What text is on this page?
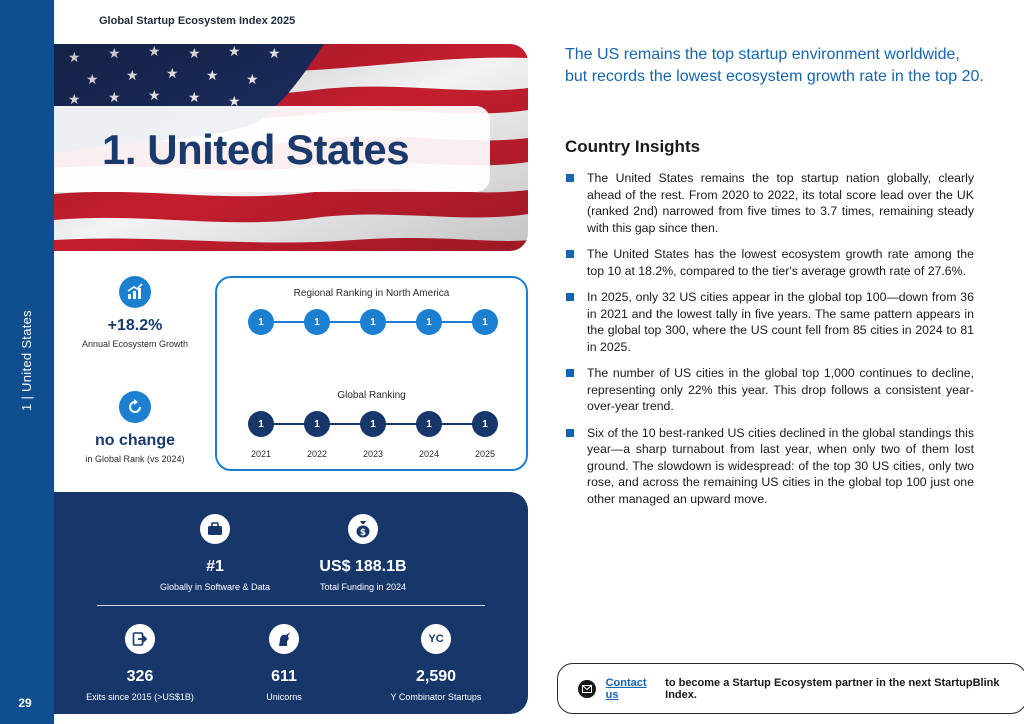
1 | United States
29
Global Startup Ecosystem Index 2025
1. United States
+18.2%
Annual Ecosystem Growth
no change
in Global Rank (vs 2024)
Regional Ranking in North America
1	1	1	1	1
Global Ranking
1	1	1	1	1
2021	2022	2023	2024	2025
#1
Globally in Software & Data
$
US$ 188.1B
Total Funding in 2024
326
Exits since 2015 (>US$1B)
611
Unicorns
YC
2,590
Y Combinator Startups
The US remains the top startup environment worldwide, but records the lowest ecosystem growth rate in the top 20.
Country Insights
The United States remains the top startup nation globally, clearly ahead of the rest. From 2020 to 2022, its total score lead over the UK (ranked 2nd) narrowed from five times to 3.7 times, remaining steady with this gap since then.
The United States has the lowest ecosystem growth rate among the top 10 at 18.2%, compared to the tier's average growth rate of 27.6%.
In 2025, only 32 US cities appear in the global top 100—down from 36 in 2021 and the lowest tally in five years. The same pattern appears in the global top 300, where the US count fell from 85 cities in 2024 to 81 in 2025.
The number of US cities in the global top 1,000 continues to decline, representing only 22% this year. This drop follows a consistent year-over-year trend.
Six of the 10 best-ranked US cities declined in the global standings this year—a sharp turnabout from last year, when only two of them lost ground. The slowdown is widespread: of the top 30 US cities, only two rose, and across the remaining US cities in the global top 100 just one other managed an upward move.
Contact us
to become a Startup Ecosystem partner in the next StartupBlink Index.
